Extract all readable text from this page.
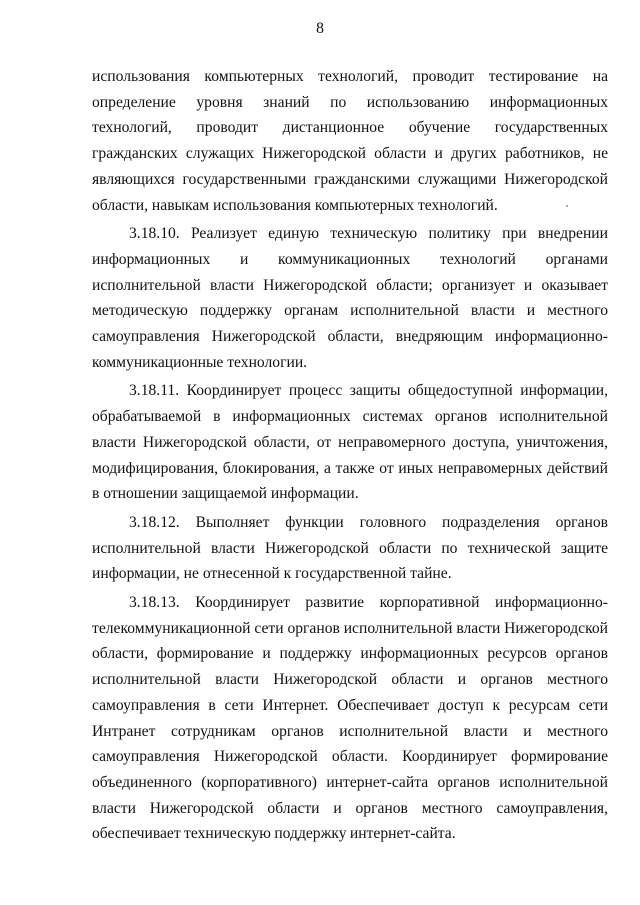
8

использования компьютерных технологий, проводит тестирование на определение уровня знаний по использованию информационных технологий, проводит дистанционное обучение государственных гражданских служащих Нижегородской области и других работников, не являющихся государственными гражданскими служащими Нижегородской области, навыкам использования компьютерных технологий.

3.18.10. Реализует единую техническую политику при внедрении информационных и коммуникационных технологий органами исполнительной власти Нижегородской области; организует и оказывает методическую поддержку органам исполнительной власти и местного самоуправления Нижегородской области, внедряющим информационно-коммуникационные технологии.

3.18.11. Координирует процесс защиты общедоступной информации, обрабатываемой в информационных системах органов исполнительной власти Нижегородской области, от неправомерного доступа, уничтожения, модифицирования, блокирования, а также от иных неправомерных действий в отношении защищаемой информации.

3.18.12. Выполняет функции головного подразделения органов исполнительной власти Нижегородской области по технической защите информации, не отнесенной к государственной тайне.

3.18.13. Координирует развитие корпоративной информационно-телекоммуникационной сети органов исполнительной власти Нижегородской области, формирование и поддержку информационных ресурсов органов исполнительной власти Нижегородской области и органов местного самоуправления в сети Интернет. Обеспечивает доступ к ресурсам сети Интранет сотрудникам органов исполнительной власти и местного самоуправления Нижегородской области. Координирует формирование объединенного (корпоративного) интернет-сайта органов исполнительной власти Нижегородской области и органов местного самоуправления, обеспечивает техническую поддержку интернет-сайта.
